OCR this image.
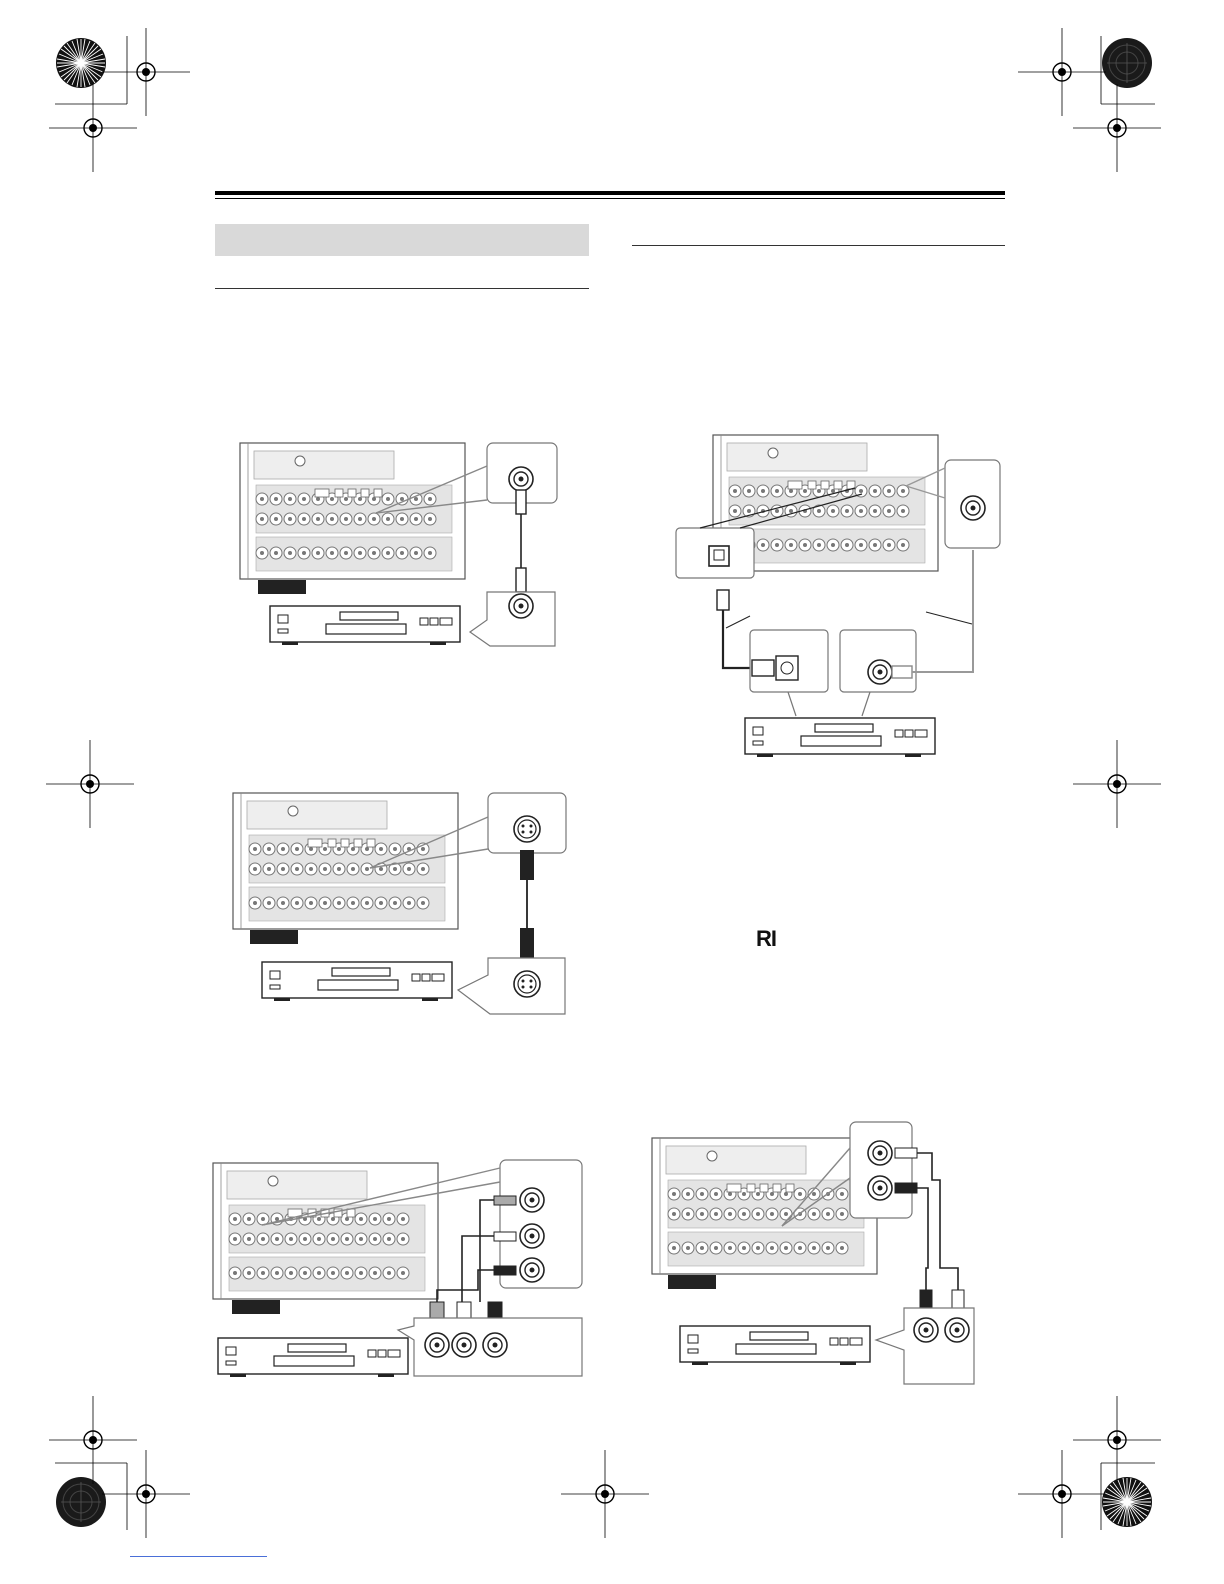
RI
